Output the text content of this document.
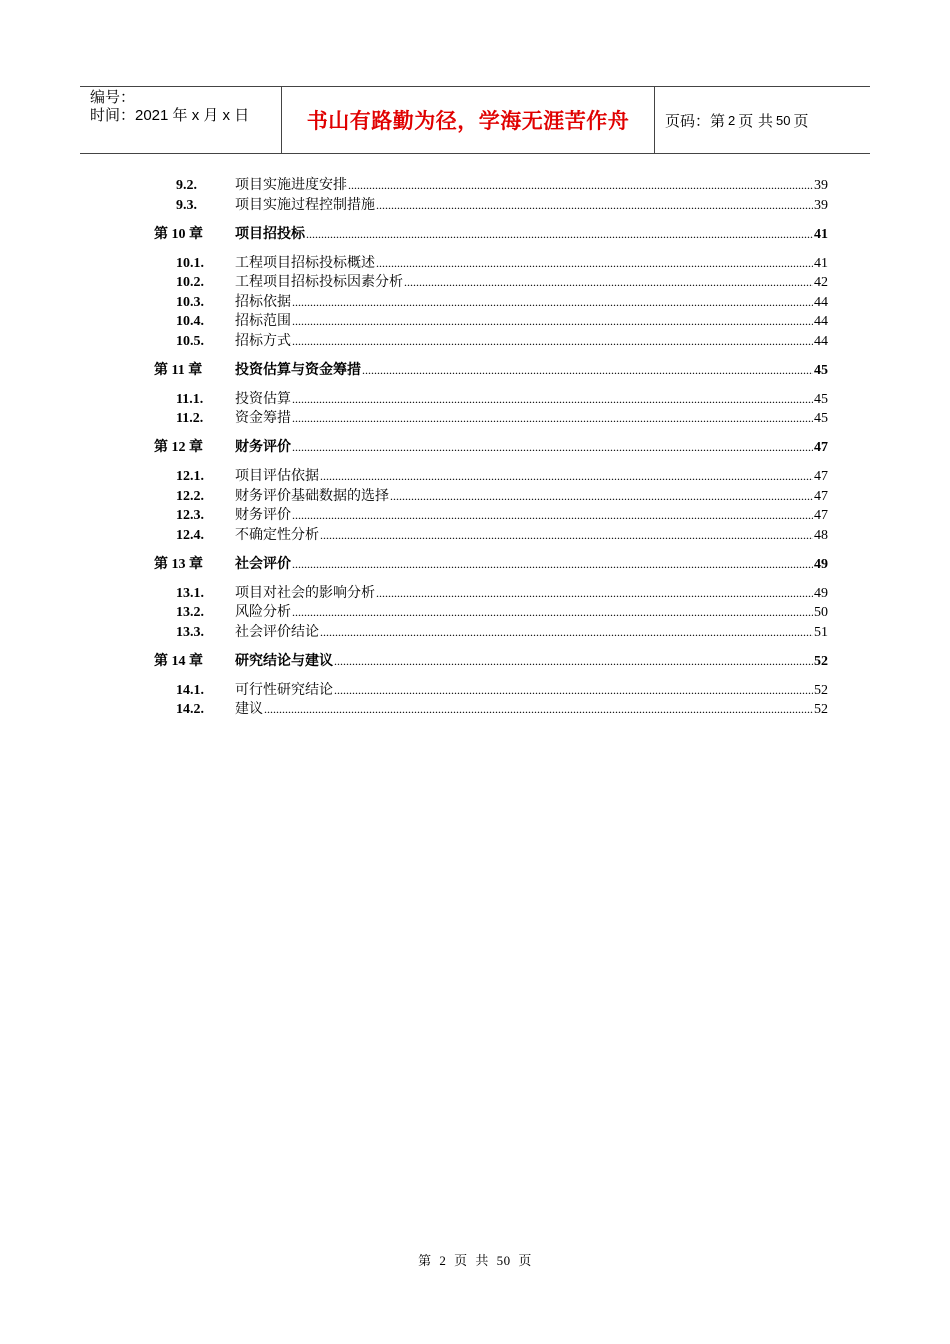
编号：
时间：2021 年 x 月 x 日	书山有路勤为径，学海无涯苦作舟	页码：第 2 页 共 50 页
9.2.	项目实施进度安排 .....	39
9.3.	项目实施过程控制措施 .....	39
第 10 章	项目招投标 .....	41
10.1.	工程项目招标投标概述 .....	41
10.2.	工程项目招标投标因素分析 .....	42
10.3.	招标依据 .....	44
10.4.	招标范围 .....	44
10.5.	招标方式 .....	44
第 11 章	投资估算与资金筹措 .....	45
11.1.	投资估算 .....	45
11.2.	资金筹措 .....	45
第 12 章	财务评价 .....	47
12.1.	项目评估依据 .....	47
12.2.	财务评价基础数据的选择 .....	47
12.3.	财务评价 .....	47
12.4.	不确定性分析 .....	48
第 13 章	社会评价 .....	49
13.1.	项目对社会的影响分析 .....	49
13.2.	风险分析 .....	50
13.3.	社会评价结论 .....	51
第 14 章	研究结论与建议 .....	52
14.1.	可行性研究结论 .....	52
14.2.	建议 .....	52
第 2 页 共 50 页
